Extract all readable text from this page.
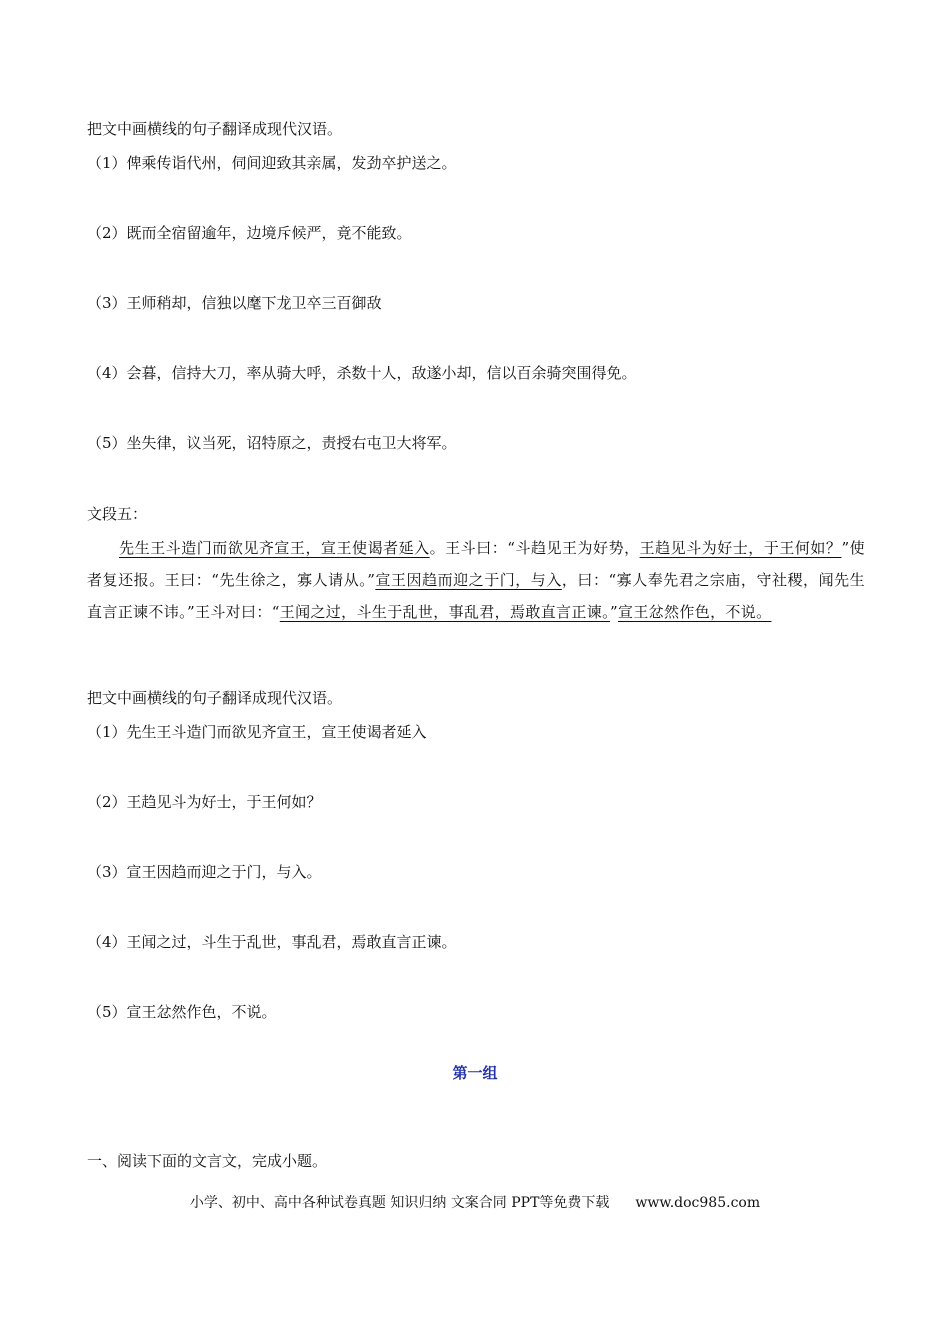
把文中画横线的句子翻译成现代汉语。
（1）俾乘传诣代州，伺间迎致其亲属，发劲卒护送之。
（2）既而全宿留逾年，边境斥候严，竟不能致。
（3）王师稍却，信独以麾下龙卫卒三百御敌
（4）会暮，信持大刀，率从骑大呼，杀数十人，敌遂小却，信以百余骑突围得免。
（5）坐失律，议当死，诏特原之，责授右屯卫大将军。
文段五：
先生王斗造门而欲见齐宣王，宣王使谒者延入。王斗曰：“斗趋见王为好势，王趋见斗为好士，于王何如？”使者复还报。王曰：“先生徐之，寡人请从。”宣王因趋而迎之于门，与入，曰：“寡人奉先君之宗庙，守社稷，闻先生直言正谏不讳。”王斗对曰：“王闻之过，斗生于乱世，事乱君，焉敢直言正谏。”宣王忿然作色，不说。
把文中画横线的句子翻译成现代汉语。
（1）先生王斗造门而欲见齐宣王，宣王使谒者延入
（2）王趋见斗为好士，于王何如？
（3）宣王因趋而迎之于门，与入。
（4）王闻之过，斗生于乱世，事乱君，焉敢直言正谏。
（5）宣王忿然作色，不说。
第一组
一、阅读下面的文言文，完成小题。
小学、初中、高中各种试卷真题 知识归纳 文案合同 PPT等免费下载 www.doc985.com
